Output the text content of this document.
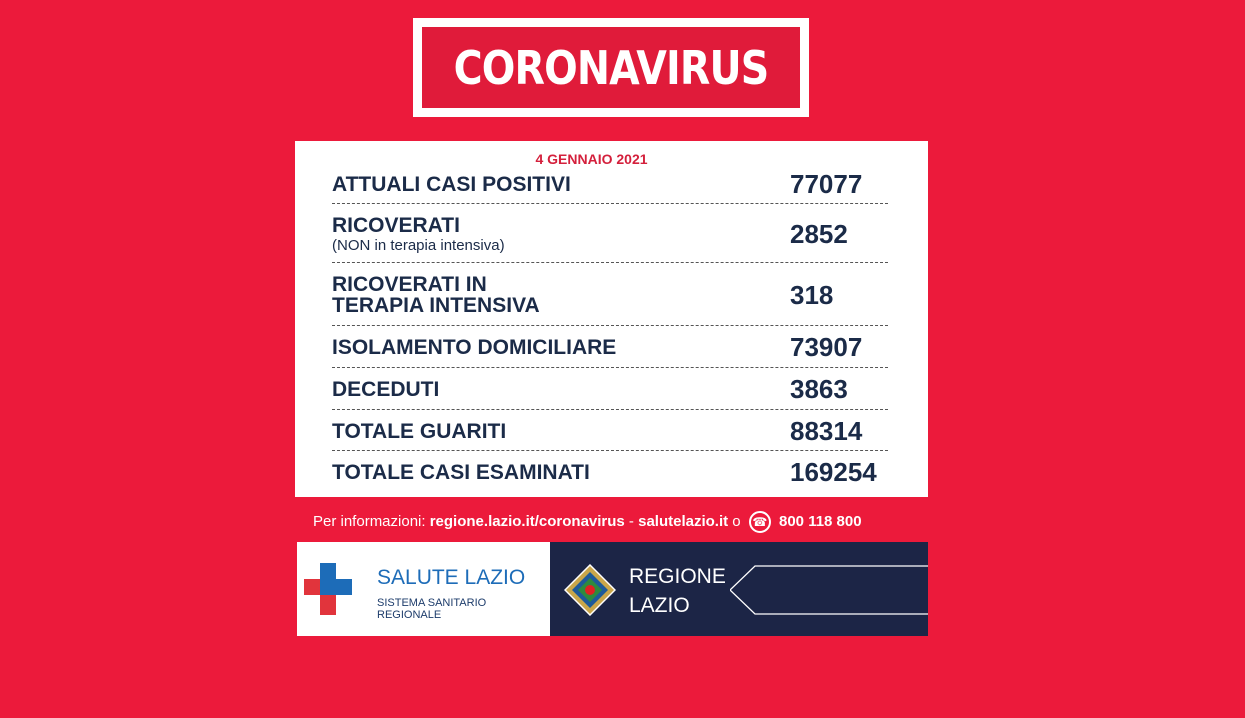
CORONAVIRUS
4 GENNAIO 2021
ATTUALI CASI POSITIVI	77077
RICOVERATI
(NON in terapia intensiva)	2852
RICOVERATI IN
TERAPIA INTENSIVA	318
ISOLAMENTO DOMICILIARE	73907
DECEDUTI	3863
TOTALE GUARITI	88314
TOTALE CASI ESAMINATI	169254
Per informazioni: regione.lazio.it/coronavirus - salutelazio.it o ☎ 800 118 800
SALUTE LAZIO
SISTEMA SANITARIO REGIONALE
REGIONE
LAZIO
